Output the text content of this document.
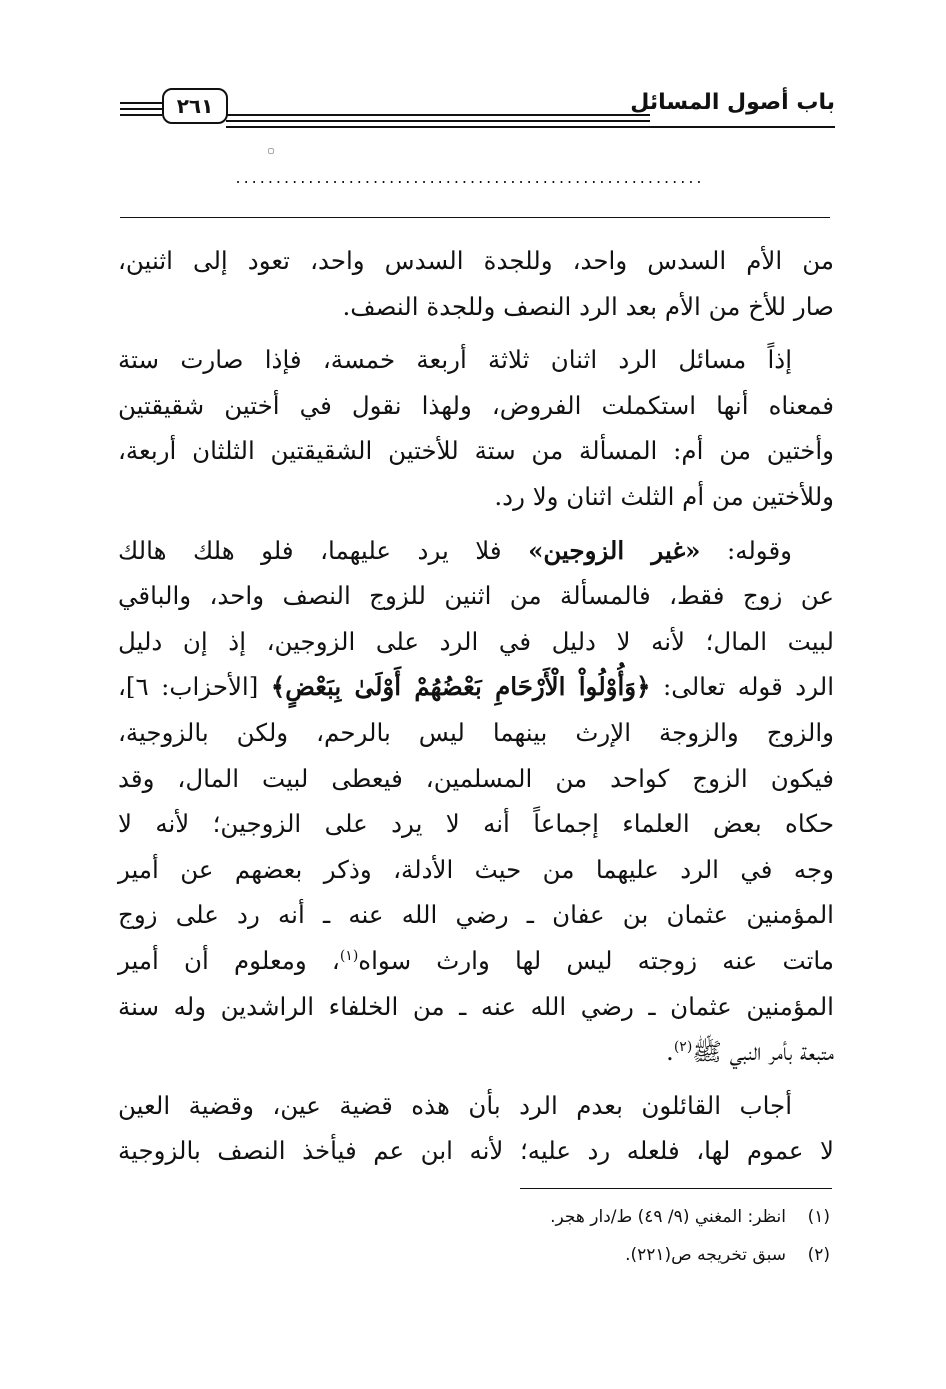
باب أصول المسائل
٢٦١
..........................................................

من الأم السدس واحد، وللجدة السدس واحد، تعود إلى اثنين،
صار للأخ من الأم بعد الرد النصف وللجدة النصف.

إذاً مسائل الرد اثنان ثلاثة أربعة خمسة، فإذا صارت ستة
فمعناه أنها استكملت الفروض، ولهذا نقول في أختين شقيقتين
وأختين من أم: المسألة من ستة للأختين الشقيقتين الثلثان أربعة،
وللأختين من أم الثلث اثنان ولا رد.

وقوله: «غير الزوجين» فلا يرد عليهما، فلو هلك هالك
عن زوج فقط، فالمسألة من اثنين للزوج النصف واحد، والباقي
لبيت المال؛ لأنه لا دليل في الرد على الزوجين، إذ إن دليل
الرد قوله تعالى: ﴿وَأُوْلُواْ الْأَرْحَامِ بَعْضُهُمْ أَوْلَىٰ بِبَعْضٍ﴾ [الأحزاب: ٦]،
والزوج والزوجة الإرث بينهما ليس بالرحم، ولكن بالزوجية،
فيكون الزوج كواحد من المسلمين، فيعطى لبيت المال، وقد
حكاه بعض العلماء إجماعاً أنه لا يرد على الزوجين؛ لأنه لا
وجه في الرد عليهما من حيث الأدلة، وذكر بعضهم عن أمير
المؤمنين عثمان بن عفان ـ رضي الله عنه ـ أنه رد على زوج
ماتت عنه زوجته ليس لها وارث سواه$^{(١)}$، ومعلوم أن أمير
المؤمنين عثمان ـ رضي الله عنه ـ من الخلفاء الراشدين وله سنة
متبعة بأمر النبي ﷺ$^{(٢)}$.

أجاب القائلون بعدم الرد بأن هذه قضية عين، وقضية العين
لا عموم لها، فلعله رد عليه؛ لأنه ابن عم فيأخذ النصف بالزوجية

(١)انظر: المغني (٩/ ٤٩) ط/دار هجر.
(٢)سبق تخريجه ص(٢٢١).
